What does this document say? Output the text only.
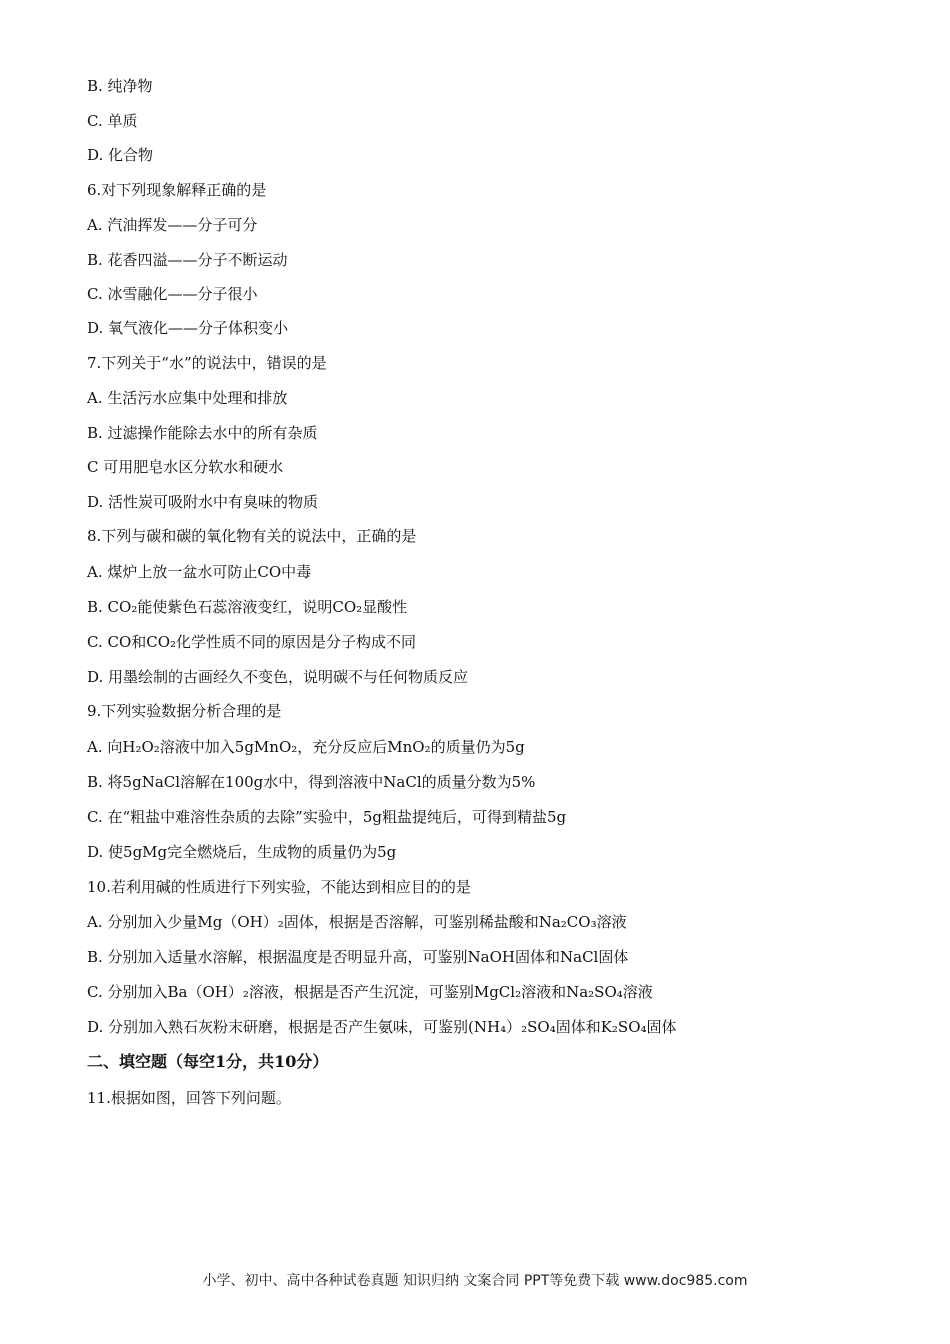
B. 纯净物
C. 单质
D. 化合物
6.对下列现象解释正确的是
A. 汽油挥发——分子可分
B. 花香四溢——分子不断运动
C. 冰雪融化——分子很小
D. 氧气液化——分子体积变小
7.下列关于“水”的说法中，错误的是
A. 生活污水应集中处理和排放
B. 过滤操作能除去水中的所有杂质
C 可用肥皂水区分软水和硬水
D. 活性炭可吸附水中有臭味的物质
8.下列与碳和碳的氧化物有关的说法中，正确的是
A. 煤炉上放一盆水可防止CO中毒
B. CO₂能使紫色石蕊溶液变红，说明CO₂显酸性
C. CO和CO₂化学性质不同的原因是分子构成不同
D. 用墨绘制的古画经久不变色，说明碳不与任何物质反应
9.下列实验数据分析合理的是
A. 向H₂O₂溶液中加入5gMnO₂，充分反应后MnO₂的质量仍为5g
B. 将5gNaCl溶解在100g水中，得到溶液中NaCl的质量分数为5%
C. 在“粗盐中难溶性杂质的去除”实验中，5g粗盐提纯后，可得到精盐5g
D. 使5gMg完全燃烧后，生成物的质量仍为5g
10.若利用碱的性质进行下列实验，不能达到相应目的的是
A. 分别加入少量Mg（OH）₂固体，根据是否溶解，可鉴别稀盐酸和Na₂CO₃溶液
B. 分别加入适量水溶解，根据温度是否明显升高，可鉴别NaOH固体和NaCl固体
C. 分别加入Ba（OH）₂溶液，根据是否产生沉淀，可鉴别MgCl₂溶液和Na₂SO₄溶液
D. 分别加入熟石灰粉末研磨，根据是否产生氨味，可鉴别(NH₄）₂SO₄固体和K₂SO₄固体
二、填空题（每空1分，共10分）
11.根据如图，回答下列问题。
小学、初中、高中各种试卷真题 知识归纳 文案合同 PPT等免费下载 www.doc985.com
